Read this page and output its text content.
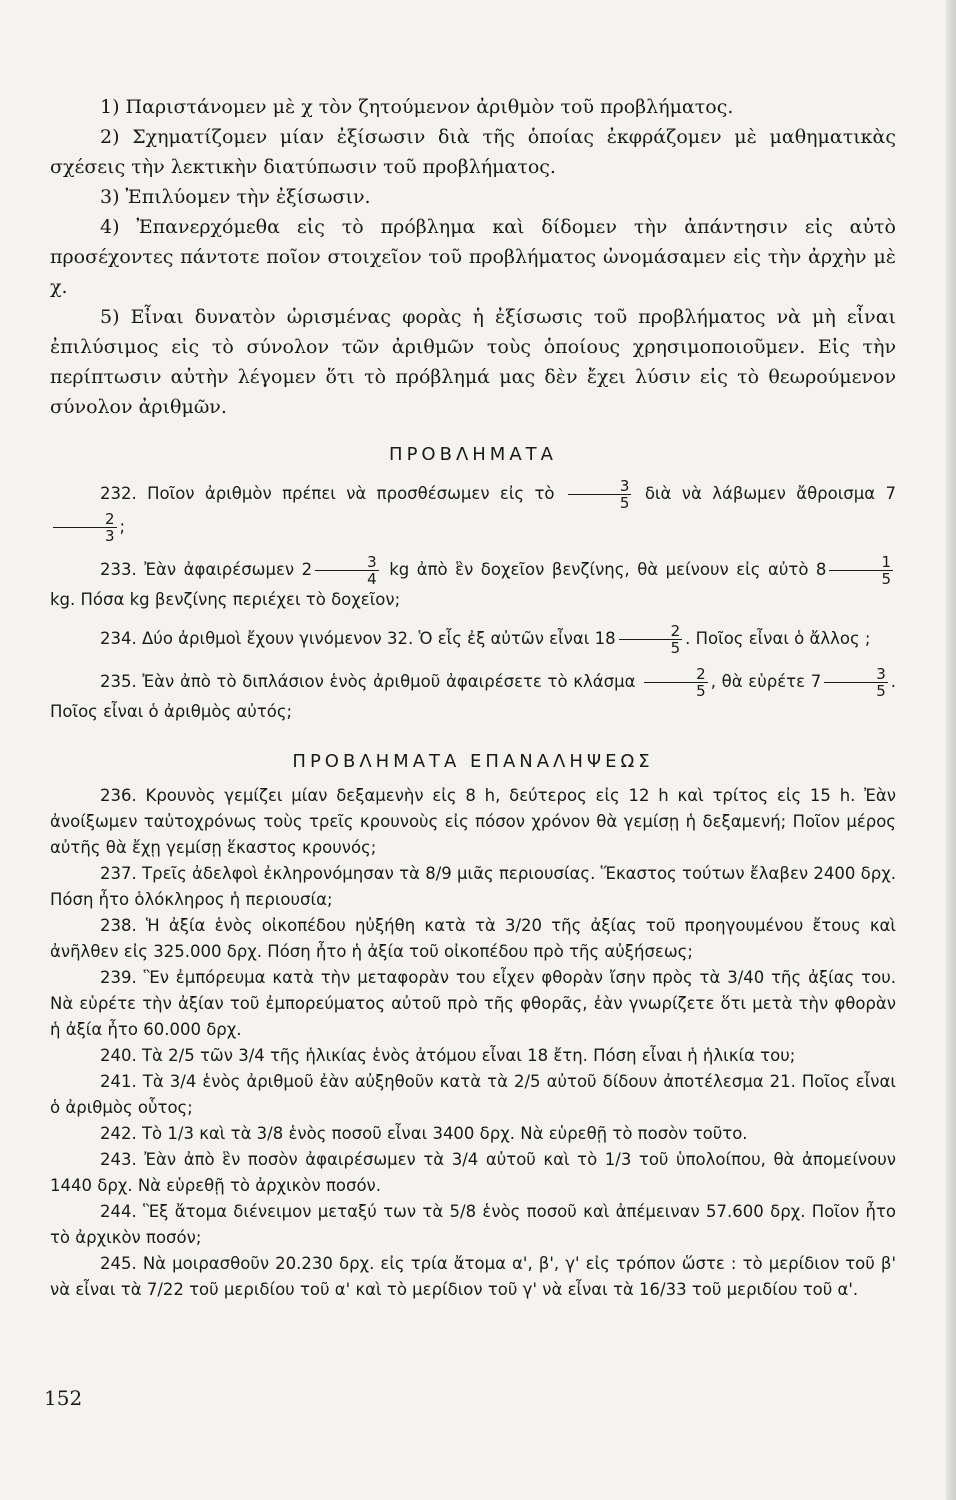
1) Παριστάνομεν μὲ χ τὸν ζητούμενον ἀριθμὸν τοῦ προβλήματος.

2) Σχηματίζομεν μίαν ἐξίσωσιν διὰ τῆς ὁποίας ἐκφράζομεν μὲ μαθηματικὰς σχέσεις τὴν λεκτικὴν διατύπωσιν τοῦ προβλήματος.

3) Ἐπιλύομεν τὴν ἐξίσωσιν.

4) Ἐπανερχόμεθα εἰς τὸ πρόβλημα καὶ δίδομεν τὴν ἀπάντησιν εἰς αὐτὸ προσέχοντες πάντοτε ποῖον στοιχεῖον τοῦ προβλήματος ὠνομάσαμεν εἰς τὴν ἀρχὴν μὲ χ.

5) Εἶναι δυνατὸν ὡρισμένας φορὰς ἡ ἐξίσωσις τοῦ προβλήματος νὰ μὴ εἶναι ἐπιλύσιμος εἰς τὸ σύνολον τῶν ἀριθμῶν τοὺς ὁποίους χρησιμοποιοῦμεν. Εἰς τὴν περίπτωσιν αὐτὴν λέγομεν ὅτι τὸ πρόβλημά μας δὲν ἔχει λύσιν εἰς τὸ θεωρούμενον σύνολον ἀριθμῶν.

ΠΡΟΒΛΗΜΑΤΑ

232. Ποῖον ἀριθμὸν πρέπει νὰ προσθέσωμεν εἰς τὸ $\frac{3}{5}$ διὰ νὰ λάβωμεν ἄθροισμα 7
$\frac{2}{3}$ ;

233. Ἐὰν ἀφαιρέσωμεν $2 \frac{3}{4}$ kg ἀπὸ ἓν δοχεῖον βενζίνης, θὰ μείνουν εἰς αὐτὸ $8 \frac{1}{5}$
kg. Πόσα kg βενζίνης περιέχει τὸ δοχεῖον;

234. Δύο ἀριθμοὶ ἔχουν γινόμενον 32. Ὁ εἷς ἐξ αὐτῶν εἶναι $18 \frac{2}{5}$ . Ποῖος εἶναι ὁ ἄλλος ;

235. Ἐὰν ἀπὸ τὸ διπλάσιον ἑνὸς ἀριθμοῦ ἀφαιρέσετε τὸ κλάσμα $\frac{2}{5}$ , θὰ εὑρέτε $7 \frac{3}{5}$ . Ποῖος εἶναι ὁ ἀριθμὸς αὐτός;

ΠΡΟΒΛΗΜΑΤΑ ΕΠΑΝΑΛΗΨΕΩΣ

236. Κρουνὸς γεμίζει μίαν δεξαμενὴν εἰς 8 h, δεύτερος εἰς 12 h καὶ τρίτος εἰς 15 h. Ἐὰν ἀνοίξωμεν ταὐτοχρόνως τοὺς τρεῖς κρουνοὺς εἰς πόσον χρόνον θὰ γεμίσῃ ἡ δεξαμενή; Ποῖον μέρος αὐτῆς θὰ ἔχῃ γεμίσῃ ἕκαστος κρουνός;

237. Τρεῖς ἀδελφοὶ ἐκληρονόμησαν τὰ 8/9 μιᾶς περιουσίας. Ἕκαστος τούτων ἔλαβεν 2400 δρχ. Πόση ἦτο ὁλόκληρος ἡ περιουσία;

238. Ἡ ἀξία ἑνὸς οἰκοπέδου ηὐξήθη κατὰ τὰ 3/20 τῆς ἀξίας τοῦ προηγουμένου ἔτους καὶ ἀνῆλθεν εἰς 325.000 δρχ. Πόση ἦτο ἡ ἀξία τοῦ οἰκοπέδου πρὸ τῆς αὐξήσεως;

239. Ἓν ἐμπόρευμα κατὰ τὴν μεταφορὰν του εἶχεν φθορὰν ἴσην πρὸς τὰ 3/40 τῆς ἀξίας του. Νὰ εὑρέτε τὴν ἀξίαν τοῦ ἐμπορεύματος αὐτοῦ πρὸ τῆς φθορᾶς, ἐὰν γνωρίζετε ὅτι μετὰ τὴν φθορὰν ἡ ἀξία ἦτο 60.000 δρχ.

240. Τὰ 2/5 τῶν 3/4 τῆς ἡλικίας ἑνὸς ἀτόμου εἶναι 18 ἔτη. Πόση εἶναι ἡ ἡλικία του;

241. Τὰ 3/4 ἑνὸς ἀριθμοῦ ἐὰν αὐξηθοῦν κατὰ τὰ 2/5 αὐτοῦ δίδουν ἀποτέλεσμα 21. Ποῖος εἶναι ὁ ἀριθμὸς οὗτος;

242. Τὸ 1/3 καὶ τὰ 3/8 ἑνὸς ποσοῦ εἶναι 3400 δρχ. Νὰ εὑρεθῇ τὸ ποσὸν τοῦτο.

243. Ἐὰν ἀπὸ ἓν ποσὸν ἀφαιρέσωμεν τὰ 3/4 αὐτοῦ καὶ τὸ 1/3 τοῦ ὑπολοίπου, θὰ ἀπομείνουν 1440 δρχ. Νὰ εὑρεθῇ τὸ ἀρχικὸν ποσόν.

244. Ἓξ ἄτομα διένειμον μεταξύ των τὰ 5/8 ἑνὸς ποσοῦ καὶ ἀπέμειναν 57.600 δρχ. Ποῖον ἦτο τὸ ἀρχικὸν ποσόν;

245. Νὰ μοιρασθοῦν 20.230 δρχ. εἰς τρία ἄτομα α', β', γ' εἰς τρόπον ὥστε : τὸ μερίδιον τοῦ β' νὰ εἶναι τὰ 7/22 τοῦ μεριδίου τοῦ α' καὶ τὸ μερίδιον τοῦ γ' νὰ εἶναι τὰ 16/33 τοῦ μεριδίου τοῦ α'.

152
